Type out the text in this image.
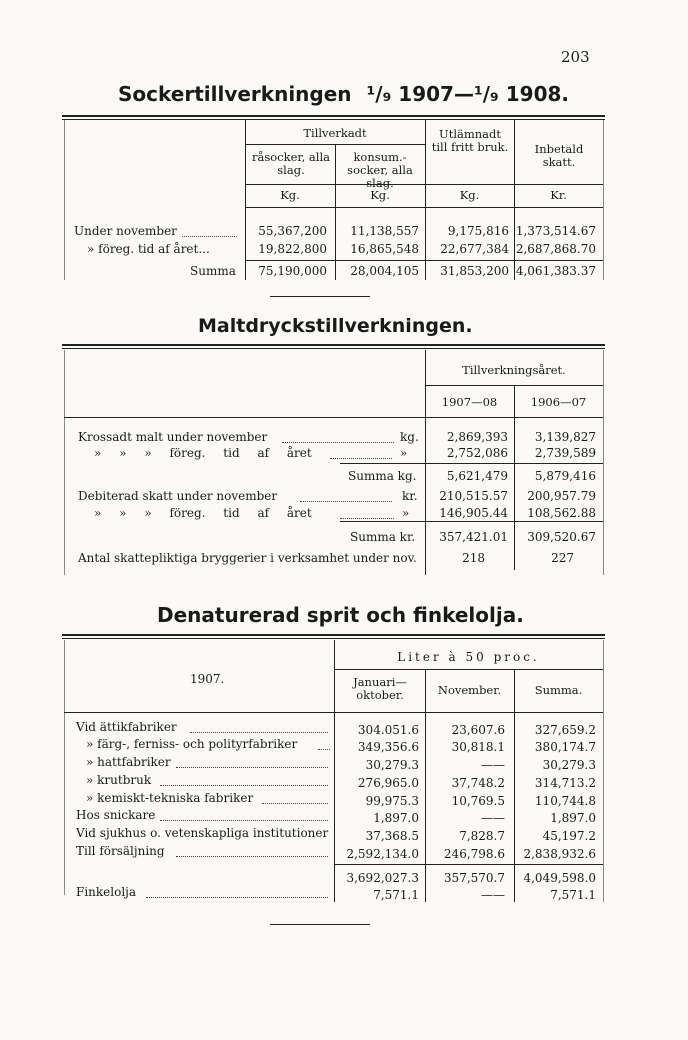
203
Sockertillverkningen ¹/₉ 1907—¹/₉ 1908.
Tillverkadt
råsocker, alla slag.
konsum.-socker, alla slag.
Utlämnadt till fritt bruk.	Inbetald skatt.
Kg.	Kg.	Kg.	Kr.
Under november	55,367,200	11,138,557	9,175,816 1,373,514.67
» föreg. tid af året...	19,822,800	16,865,548	22,677,384 2,687,868.70
Summa	75,190,000	28,004,105	31,853,200 4,061,383.37
Maltdryckstillverkningen.
Tillverkningsåret.
1907—08	1906—07
Krossadt malt under november	kg.	2,869,393	3,139,827
» » » föreg. tid af året	»	2,752,086	2,739,589
Summa kg.	5,621,479	5,879,416
Debiterad skatt under november	kr.	210,515.57	200,957.79
» » » föreg. tid af året	»	146,905.44	108,562.88
Summa kr.	357,421.01	309,520.67
Antal skattepliktiga bryggerier i verksamhet under nov.	218	227
Denaturerad sprit och finkelolja.
1907.
Liter à 50 proc.
Januari— oktober.	November.	Summa.
Vid ättikfabriker	304.051.6	23,607.6	327,659.2
» färg-, ferniss- och polityrfabriker	349,356.6	30,818.1	380,174.7
» hattfabriker	30,279.3	——	30,279.3
» krutbruk	276,965.0	37,748.2	314,713.2
» kemiskt-tekniska fabriker	99,975.3	10,769.5	110,744.8
Hos snickare	1,897.0	——	1,897.0
Vid sjukhus o. vetenskapliga institutioner	37,368.5	7,828.7	45,197.2
Till försäljning	2,592,134.0	246,798.6	2,838,932.6
3,692,027.3	357,570.7	4,049,598.0
Finkelolja	7,571.1	——	7,571.1
